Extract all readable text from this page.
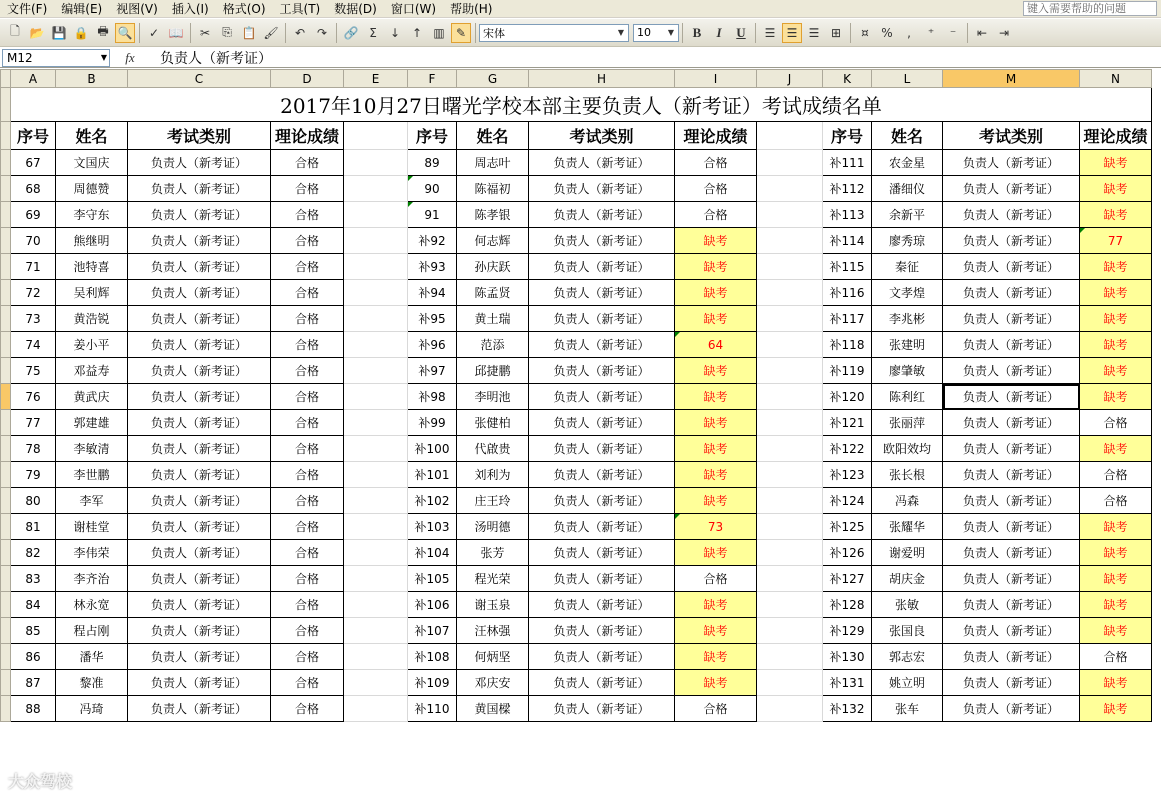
文件(F)	编辑(E)	视图(V)	插入(I)	格式(O)	工具(T)	数据(D)	窗口(W)	帮助(H)	键入需要帮助的问题
🗋 📂 💾 🔒 🖶 🔍	✓ 📖	✂	⎘ 📋 🖌	↶ ↷	🔗 Σ	↓ ↑ ▥ ✎	宋体	▼ 10	▼	B	I	U	☰ ☰ ☰ ⊞	¤	%	,	⁺	⁻	⇤ ⇥
M12	▼	fx	负责人（新考证）
	A	B	C	D	E	F	G	H	I	J	K	L	M	N
	2017年10月27日曙光学校本部主要负责人（新考证）考试成绩名单													
	序号	姓名	考试类别	理论成绩		序号	姓名	考试类别	理论成绩		序号	姓名	考试类别	理论成绩
	67	文国庆	负责人（新考证）	合格		89	周志叶	负责人（新考证）	合格		补111	农金星	负责人（新考证）	缺考
	68	周德赞	负责人（新考证）	合格		90	陈福初	负责人（新考证）	合格		补112	潘细仪	负责人（新考证）	缺考
	69	李守东	负责人（新考证）	合格		91	陈孝银	负责人（新考证）	合格		补113	余新平	负责人（新考证）	缺考
	70	熊继明	负责人（新考证）	合格		补92	何志辉	负责人（新考证）	缺考		补114	廖秀琼	负责人（新考证）	77
	71	池特喜	负责人（新考证）	合格		补93	孙庆跃	负责人（新考证）	缺考		补115	秦征	负责人（新考证）	缺考
	72	吴利辉	负责人（新考证）	合格		补94	陈孟贤	负责人（新考证）	缺考		补116	文孝煌	负责人（新考证）	缺考
	73	黄浩锐	负责人（新考证）	合格		补95	黄土瑞	负责人（新考证）	缺考		补117	李兆彬	负责人（新考证）	缺考
	74	姜小平	负责人（新考证）	合格		补96	范添	负责人（新考证）	64		补118	张建明	负责人（新考证）	缺考
	75	邓益寿	负责人（新考证）	合格		补97	邱捷鹏	负责人（新考证）	缺考		补119	廖肇敏	负责人（新考证）	缺考
	76	黄武庆	负责人（新考证）	合格		补98	李明池	负责人（新考证）	缺考		补120	陈利红	负责人（新考证）	缺考
	77	郭建雄	负责人（新考证）	合格		补99	张健柏	负责人（新考证）	缺考		补121	张丽萍	负责人（新考证）	合格
	78	李敏清	负责人（新考证）	合格		补100	代啟贵	负责人（新考证）	缺考		补122	欧阳效均	负责人（新考证）	缺考
	79	李世鹏	负责人（新考证）	合格		补101	刘利为	负责人（新考证）	缺考		补123	张长根	负责人（新考证）	合格
	80	李军	负责人（新考证）	合格		补102	庄王玲	负责人（新考证）	缺考		补124	冯森	负责人（新考证）	合格
	81	谢桂堂	负责人（新考证）	合格		补103	汤明德	负责人（新考证）	73		补125	张耀华	负责人（新考证）	缺考
	82	李伟荣	负责人（新考证）	合格		补104	张芳	负责人（新考证）	缺考		补126	谢爱明	负责人（新考证）	缺考
	83	李齐治	负责人（新考证）	合格		补105	程光荣	负责人（新考证）	合格		补127	胡庆金	负责人（新考证）	缺考
	84	林永宽	负责人（新考证）	合格		补106	谢玉泉	负责人（新考证）	缺考		补128	张敏	负责人（新考证）	缺考
	85	程占刚	负责人（新考证）	合格		补107	汪林强	负责人（新考证）	缺考		补129	张国良	负责人（新考证）	缺考
	86	潘华	负责人（新考证）	合格		补108	何炳坚	负责人（新考证）	缺考		补130	郭志宏	负责人（新考证）	合格
	87	黎准	负责人（新考证）	合格		补109	邓庆安	负责人（新考证）	缺考		补131	姚立明	负责人（新考证）	缺考
	88	冯琦	负责人（新考证）	合格		补110	黄国樑	负责人（新考证）	合格		补132	张车	负责人（新考证）	缺考
大众驾校
